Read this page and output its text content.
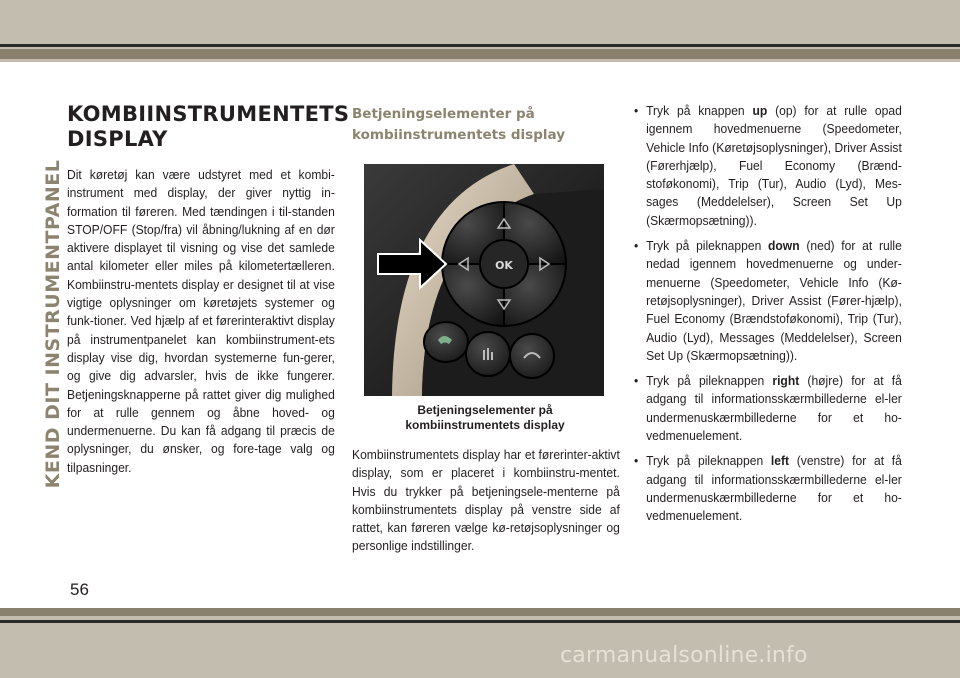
KEND DIT INSTRUMENTPANEL
KOMBIINSTRUMENTETS
DISPLAY

Dit køretøj kan være udstyret med et kombi-instrument med display, der giver nyttig in-formation til føreren. Med tændingen i til-standen STOP/OFF (Stop/fra) vil åbning/lukning af en dør aktivere displayet til visning og vise det samlede antal kilometer eller miles på kilometertælleren. Kombiinstru-mentets display er designet til at vise vigtige oplysninger om køretøjets systemer og funk-tioner. Ved hjælp af et førerinteraktivt display på instrumentpanelet kan kombiinstrument-ets display vise dig, hvordan systemerne fun-gerer, og give dig advarsler, hvis de ikke fungerer. Betjeningsknapperne på rattet giver dig mulighed for at rulle gennem og åbne hoved- og undermenuerne. Du kan få adgang til præcis de oplysninger, du ønsker, og fore-tage valg og tilpasninger.

Betjeningselementer på
kombiinstrumentets display

Kombiinstrumentets display har et førerinter-aktivt display, som er placeret i kombiinstru-mentet. Hvis du trykker på betjeningsele-menterne på kombiinstrumentets display på venstre side af rattet, kan føreren vælge kø-retøjsoplysninger og personlige indstillinger.

OK
Betjeningselementer på
kombiinstrumentets display
• Tryk på knappen up (op) for at rulle opad igennem hovedmenuerne (Speedometer, Vehicle Info (Køretøjsoplysninger), Driver Assist (Førerhjælp), Fuel Economy (Brænd-stoføkonomi), Trip (Tur), Audio (Lyd), Mes-sages (Meddelelser), Screen Set Up (Skærmopsætning)).
• Tryk på pileknappen down (ned) for at rulle nedad igennem hovedmenuerne og under-menuerne (Speedometer, Vehicle Info (Kø-retøjsoplysninger), Driver Assist (Fører-hjælp), Fuel Economy (Brændstoføkonomi), Trip (Tur), Audio (Lyd), Messages (Meddelelser), Screen Set Up (Skærmopsætning)).
• Tryk på pileknappen right (højre) for at få adgang til informationsskærmbillederne el-ler undermenuskærmbillederne for et ho-vedmenuelement.
• Tryk på pileknappen left (venstre) for at få adgang til informationsskærmbillederne el-ler undermenuskærmbillederne for et ho-vedmenuelement.
56
carmanualsonline.info
